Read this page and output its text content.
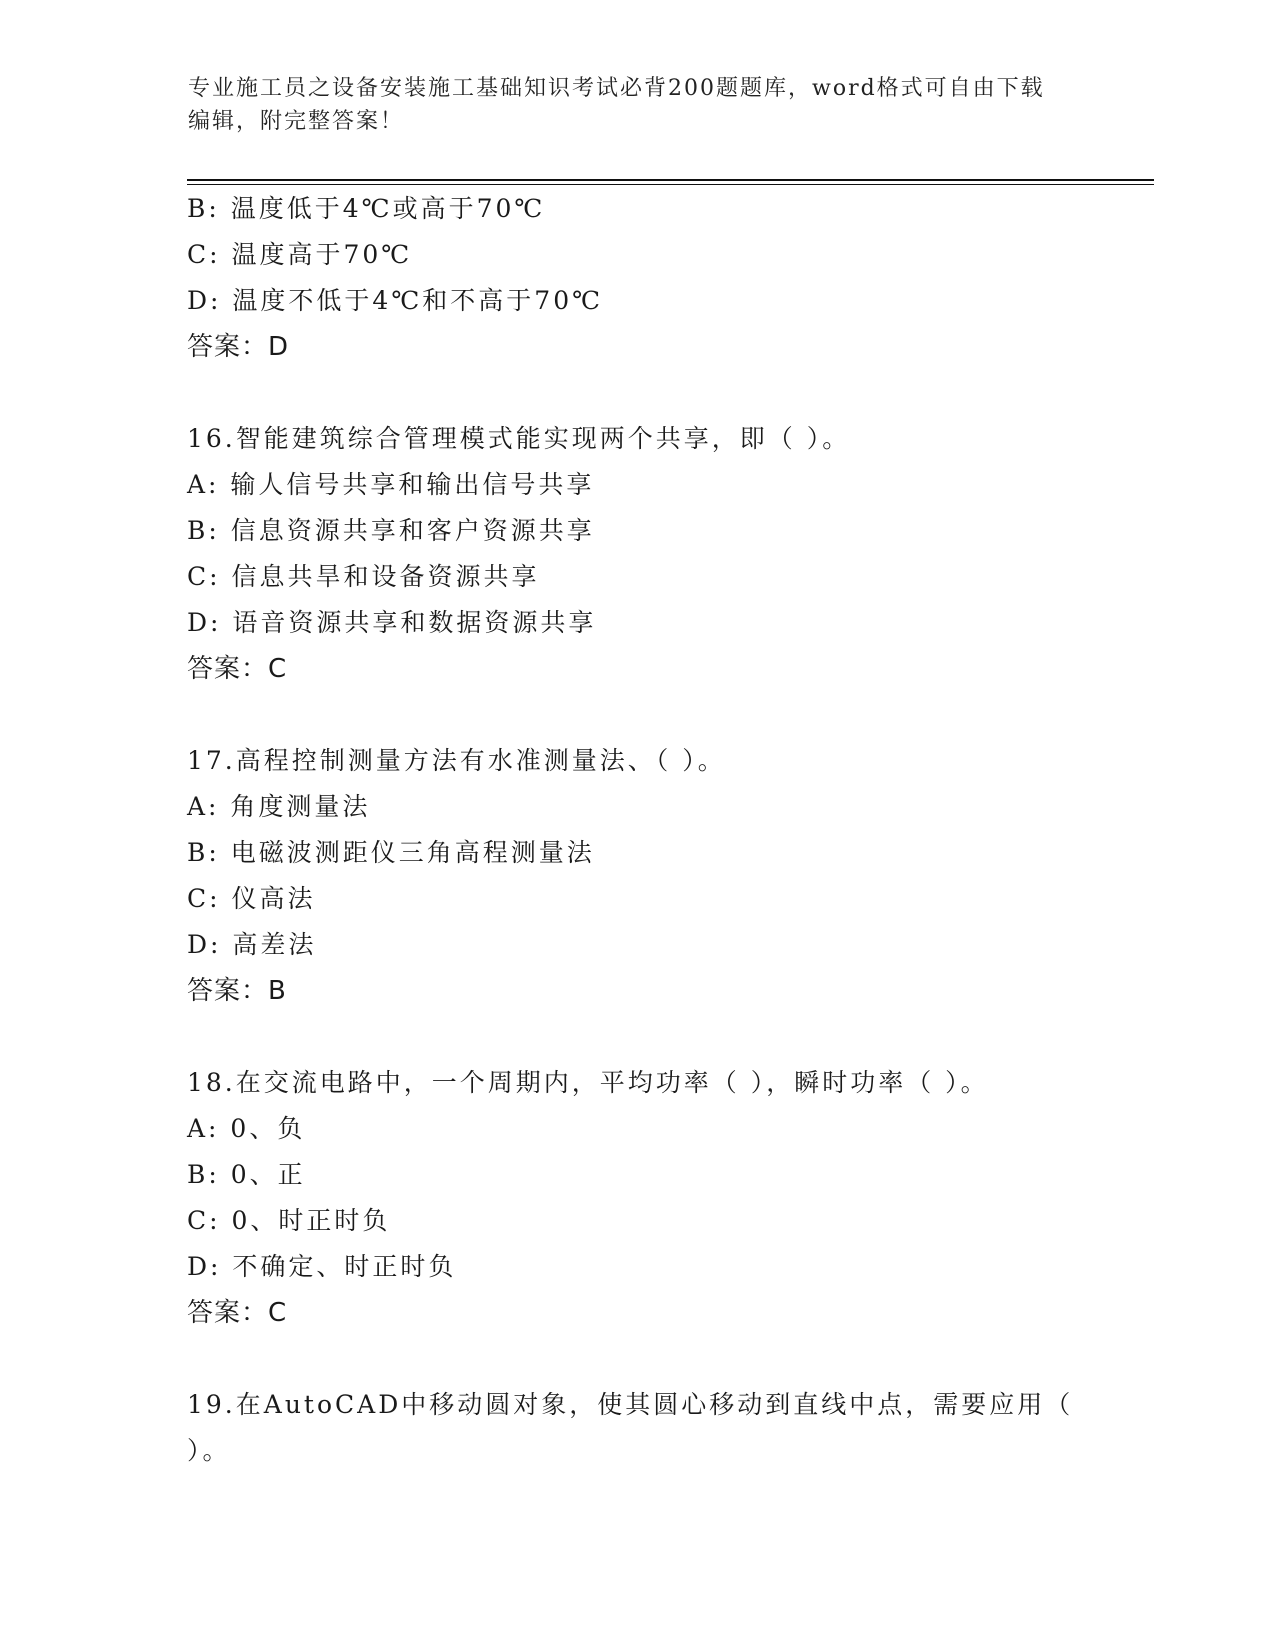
专业施工员之设备安装施工基础知识考试必背200题题库，word格式可自由下载
编辑，附完整答案！
B: 温度低于4℃或高于70℃
C: 温度高于70℃
D: 温度不低于4℃和不高于70℃
答案：D
16.智能建筑综合管理模式能实现两个共享，即（ ）。
A: 输人信号共享和输出信号共享
B: 信息资源共享和客户资源共享
C: 信息共旱和设备资源共享
D: 语音资源共享和数据资源共享
答案：C
17.高程控制测量方法有水准测量法、（ ）。
A: 角度测量法
B: 电磁波测距仪三角高程测量法
C: 仪高法
D: 高差法
答案：B
18.在交流电路中，一个周期内，平均功率（ ），瞬时功率（ ）。
A: 0、负
B: 0、正
C: 0、时正时负
D: 不确定、时正时负
答案：C
19.在AutoCAD中移动圆对象，使其圆心移动到直线中点，需要应用（
）。
